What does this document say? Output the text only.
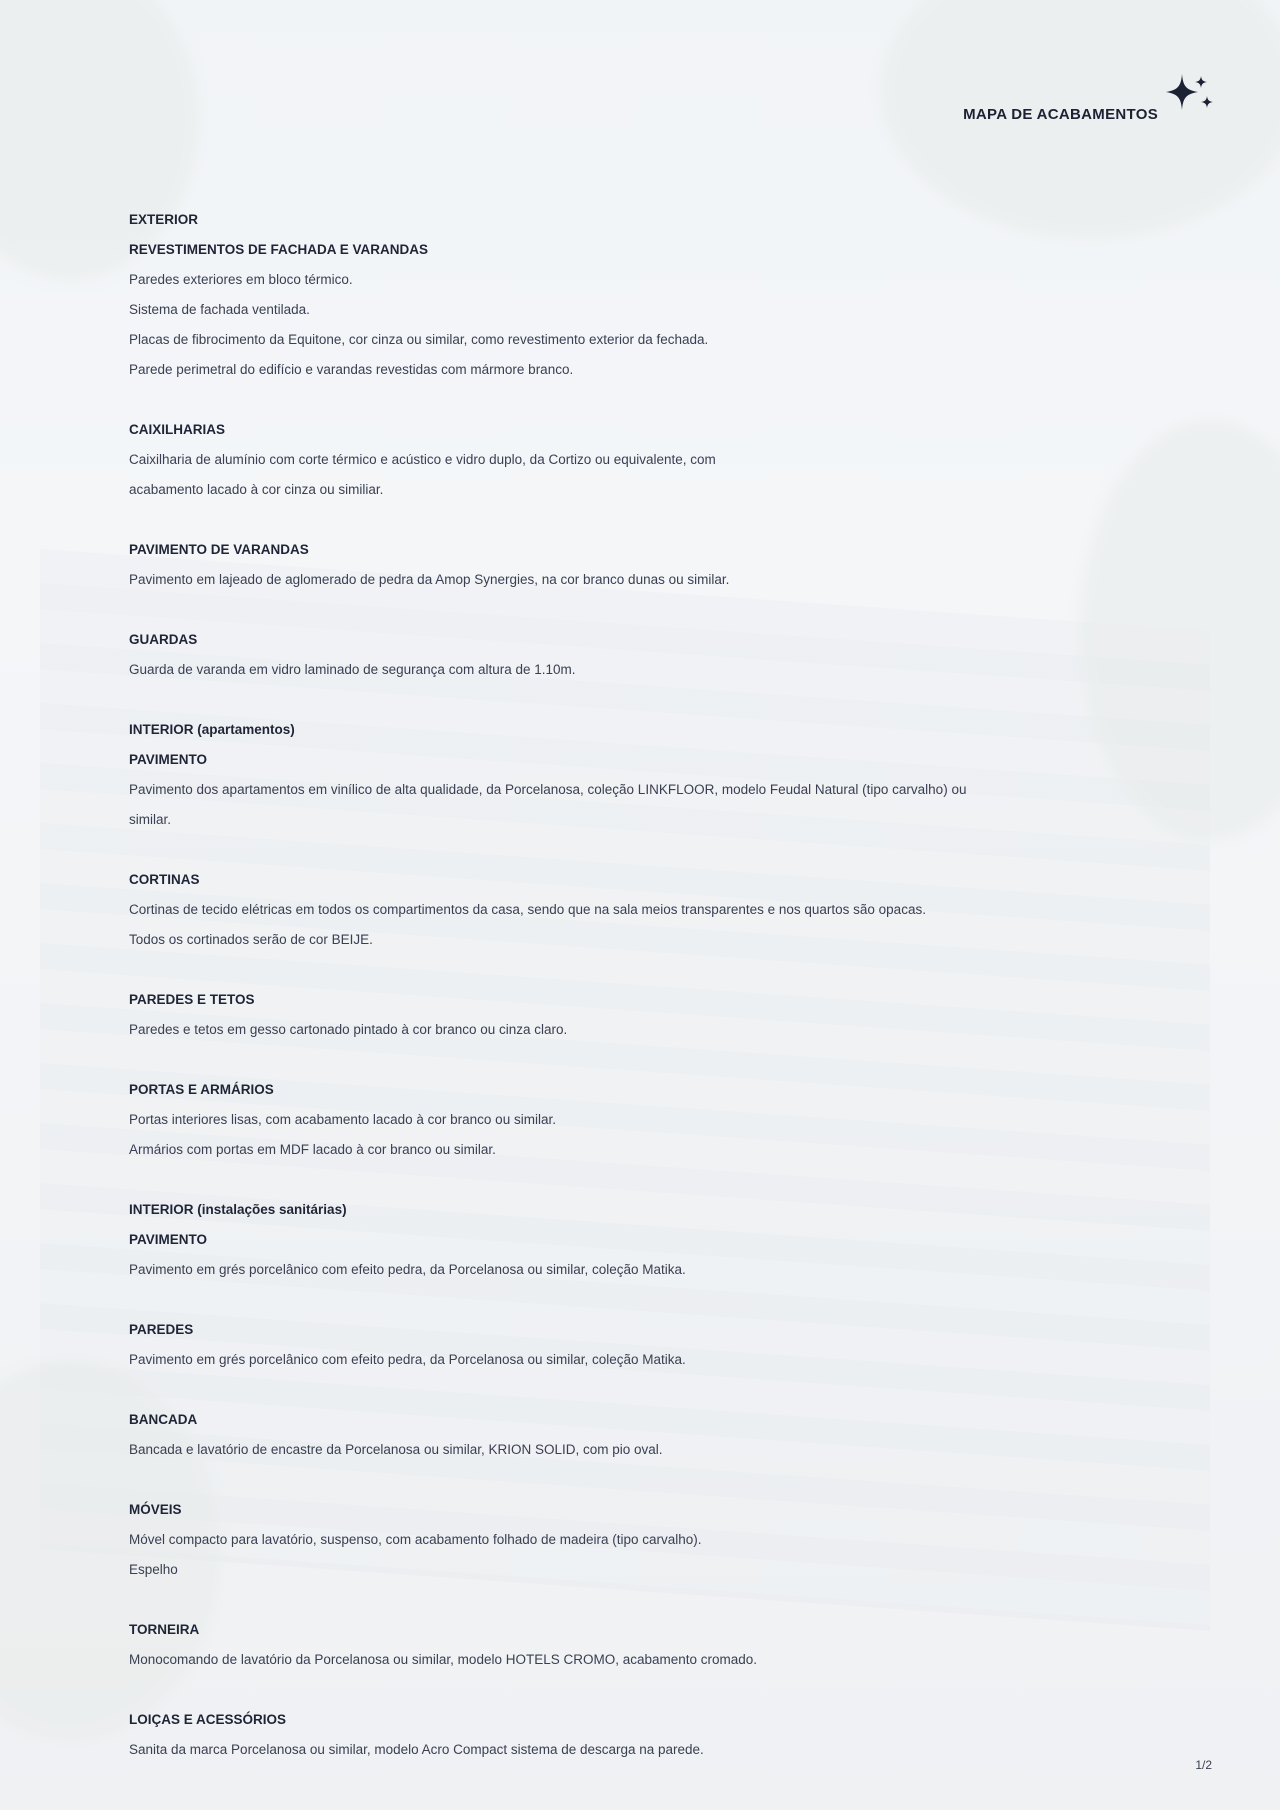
MAPA DE ACABAMENTOS
EXTERIOR
REVESTIMENTOS DE FACHADA E VARANDAS
Paredes exteriores em bloco térmico.
Sistema de fachada ventilada.
Placas de fibrocimento da Equitone, cor cinza ou similar, como revestimento exterior da fechada.
Parede perimetral do edifício e varandas revestidas com mármore branco.
CAIXILHARIAS
Caixilharia de alumínio com corte térmico e acústico e vidro duplo, da Cortizo ou equivalente, com
acabamento lacado à cor cinza ou similiar.
PAVIMENTO DE VARANDAS
Pavimento em lajeado de aglomerado de pedra da Amop Synergies, na cor branco dunas ou similar.
GUARDAS
Guarda de varanda em vidro laminado de segurança com altura de 1.10m.
INTERIOR (apartamentos)
PAVIMENTO
Pavimento dos apartamentos em vinílico de alta qualidade, da Porcelanosa, coleção LINKFLOOR, modelo Feudal Natural (tipo carvalho) ou
similar.
CORTINAS
Cortinas de tecido elétricas em todos os compartimentos da casa, sendo que na sala meios transparentes e nos quartos são opacas.
Todos os cortinados serão de cor BEIJE.
PAREDES E TETOS
Paredes e tetos em gesso cartonado pintado à cor branco ou cinza claro.
PORTAS E ARMÁRIOS
Portas interiores lisas, com acabamento lacado à cor branco ou similar.
Armários com portas em MDF lacado à cor branco ou similar.
INTERIOR (instalações sanitárias)
PAVIMENTO
Pavimento em grés porcelânico com efeito pedra, da Porcelanosa ou similar, coleção Matika.
PAREDES
Pavimento em grés porcelânico com efeito pedra, da Porcelanosa ou similar, coleção Matika.
BANCADA
Bancada e lavatório de encastre da Porcelanosa ou similar, KRION SOLID, com pio oval.
MÓVEIS
Móvel compacto para lavatório, suspenso, com acabamento folhado de madeira (tipo carvalho).
Espelho
TORNEIRA
Monocomando de lavatório da Porcelanosa ou similar, modelo HOTELS CROMO, acabamento cromado.
LOIÇAS E ACESSÓRIOS
Sanita da marca Porcelanosa ou similar, modelo Acro Compact sistema de descarga na parede.
1/2
